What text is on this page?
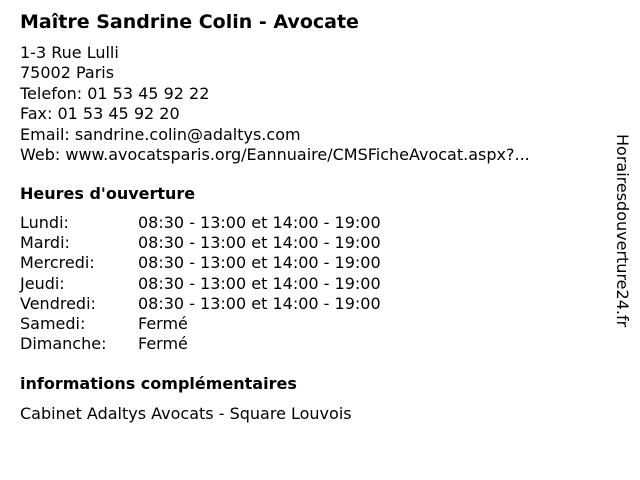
Maître Sandrine Colin - Avocate
1-3 Rue Lulli
75002 Paris
Telefon: 01 53 45 92 22
Fax: 01 53 45 92 20
Email: sandrine.colin@adaltys.com
Web: www.avocatsparis.org/Eannuaire/CMSFicheAvocat.aspx?...
Heures d'ouverture
Lundi:	08:30 - 13:00 et 14:00 - 19:00
Mardi:	08:30 - 13:00 et 14:00 - 19:00
Mercredi:	08:30 - 13:00 et 14:00 - 19:00
Jeudi:	08:30 - 13:00 et 14:00 - 19:00
Vendredi:	08:30 - 13:00 et 14:00 - 19:00
Samedi:	Fermé
Dimanche:	Fermé
informations complémentaires
Cabinet Adaltys Avocats - Square Louvois
Horairesdouverture24.fr
